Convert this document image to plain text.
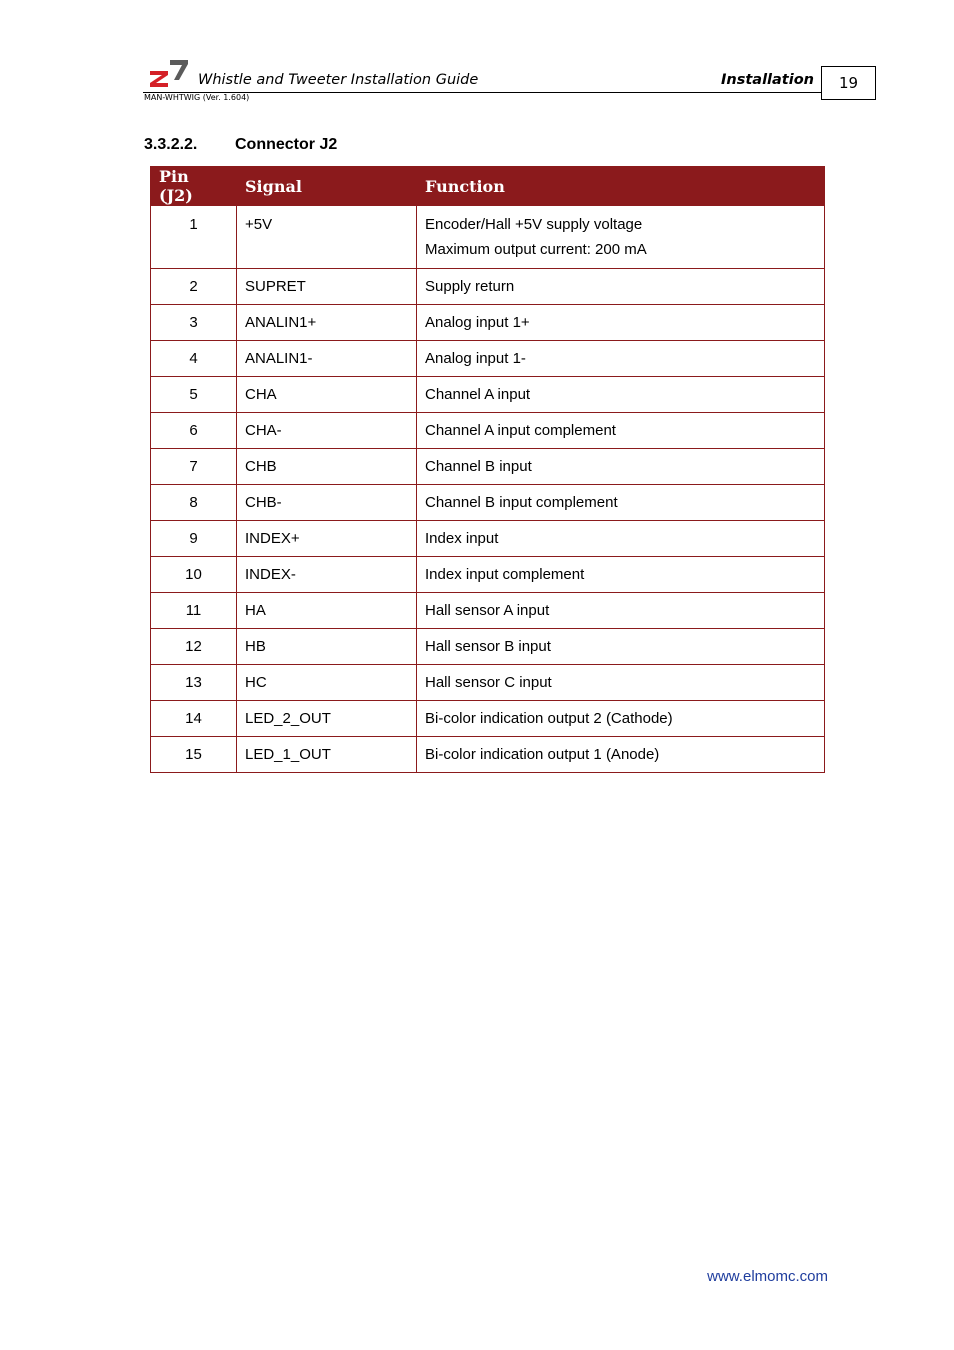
Whistle and Tweeter Installation Guide	Installation	19
MAN-WHTWIG (Ver. 1.604)
3.3.2.2. Connector J2
Pin (J2)	Signal	Function
1	+5V	Encoder/Hall +5V supply voltage
Maximum output current: 200 mA

2	SUPRET	Supply return

3	ANALIN1+	Analog input 1+

4	ANALIN1-	Analog input 1-

5	CHA	Channel A input

6	CHA-	Channel A input complement

7	CHB	Channel B input

8	CHB-	Channel B input complement

9	INDEX+	Index input

10	INDEX-	Index input complement

11	HA	Hall sensor A input

12	HB	Hall sensor B input

13	HC	Hall sensor C input

14	LED_2_OUT	Bi-color indication output 2 (Cathode)

15	LED_1_OUT	Bi-color indication output 1 (Anode)
www.elmomc.com
